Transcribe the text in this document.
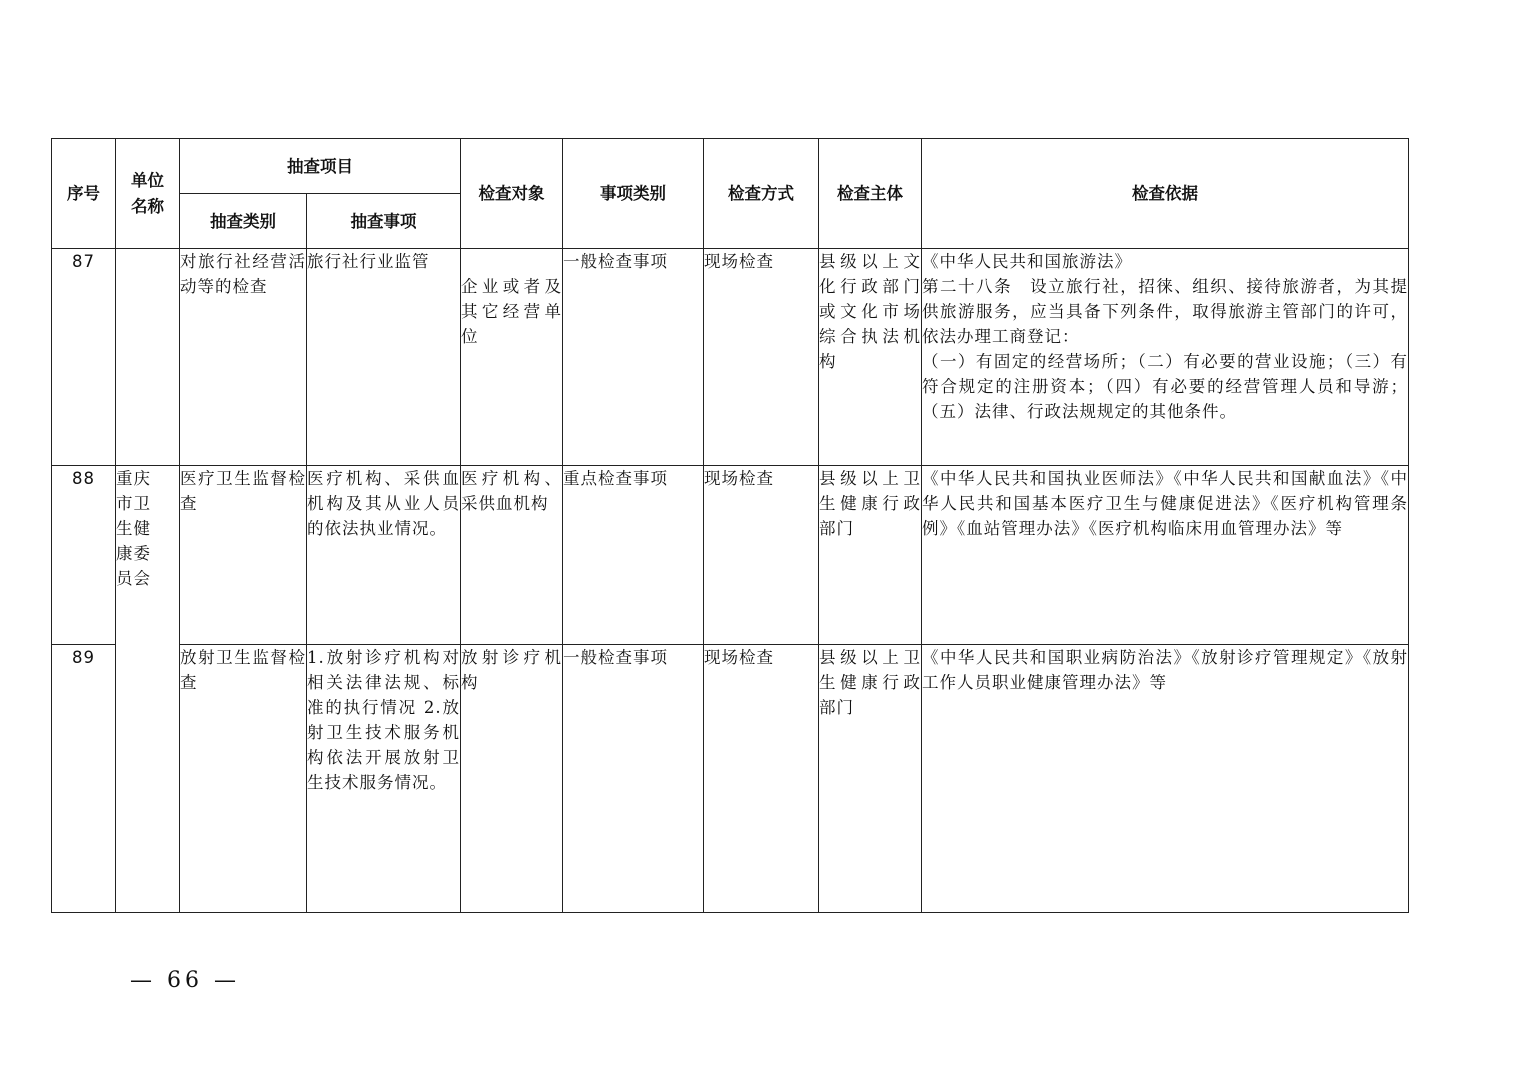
序号	单位名称	抽查项目		检查对象	事项类别	检查方式	检查主体	检查依据
		抽查类别	抽查事项					
87		对旅行社经营活动等的检查	旅行社行业监管	企业或者及其它经营单位	一般检查事项	现场检查	县级以上文化行政部门或文化市场综合执法机构	《中华人民共和国旅游法》
第二十八条　设立旅行社，招徕、组织、接待旅游者，为其提供旅游服务，应当具备下列条件，取得旅游主管部门的许可，依法办理工商登记：
（一）有固定的经营场所；（二）有必要的营业设施；（三）有符合规定的注册资本；（四）有必要的经营管理人员和导游；（五）法律、行政法规规定的其他条件。

88	重庆市卫生健康委员会	医疗卫生监督检查	医疗机构、采供血机构及其从业人员的依法执业情况。	医疗机构、采供血机构	重点检查事项	现场检查	县级以上卫生健康行政部门	《中华人民共和国执业医师法》《中华人民共和国献血法》《中华人民共和国基本医疗卫生与健康促进法》《医疗机构管理条例》《血站管理办法》《医疗机构临床用血管理办法》等

89		放射卫生监督检查	1.放射诊疗机构对相关法律法规、标准的执行情况 2.放射卫生技术服务机构依法开展放射卫生技术服务情况。	放射诊疗机构	一般检查事项	现场检查	县级以上卫生健康行政部门	《中华人民共和国职业病防治法》《放射诊疗管理规定》《放射工作人员职业健康管理办法》等
— 66 —
